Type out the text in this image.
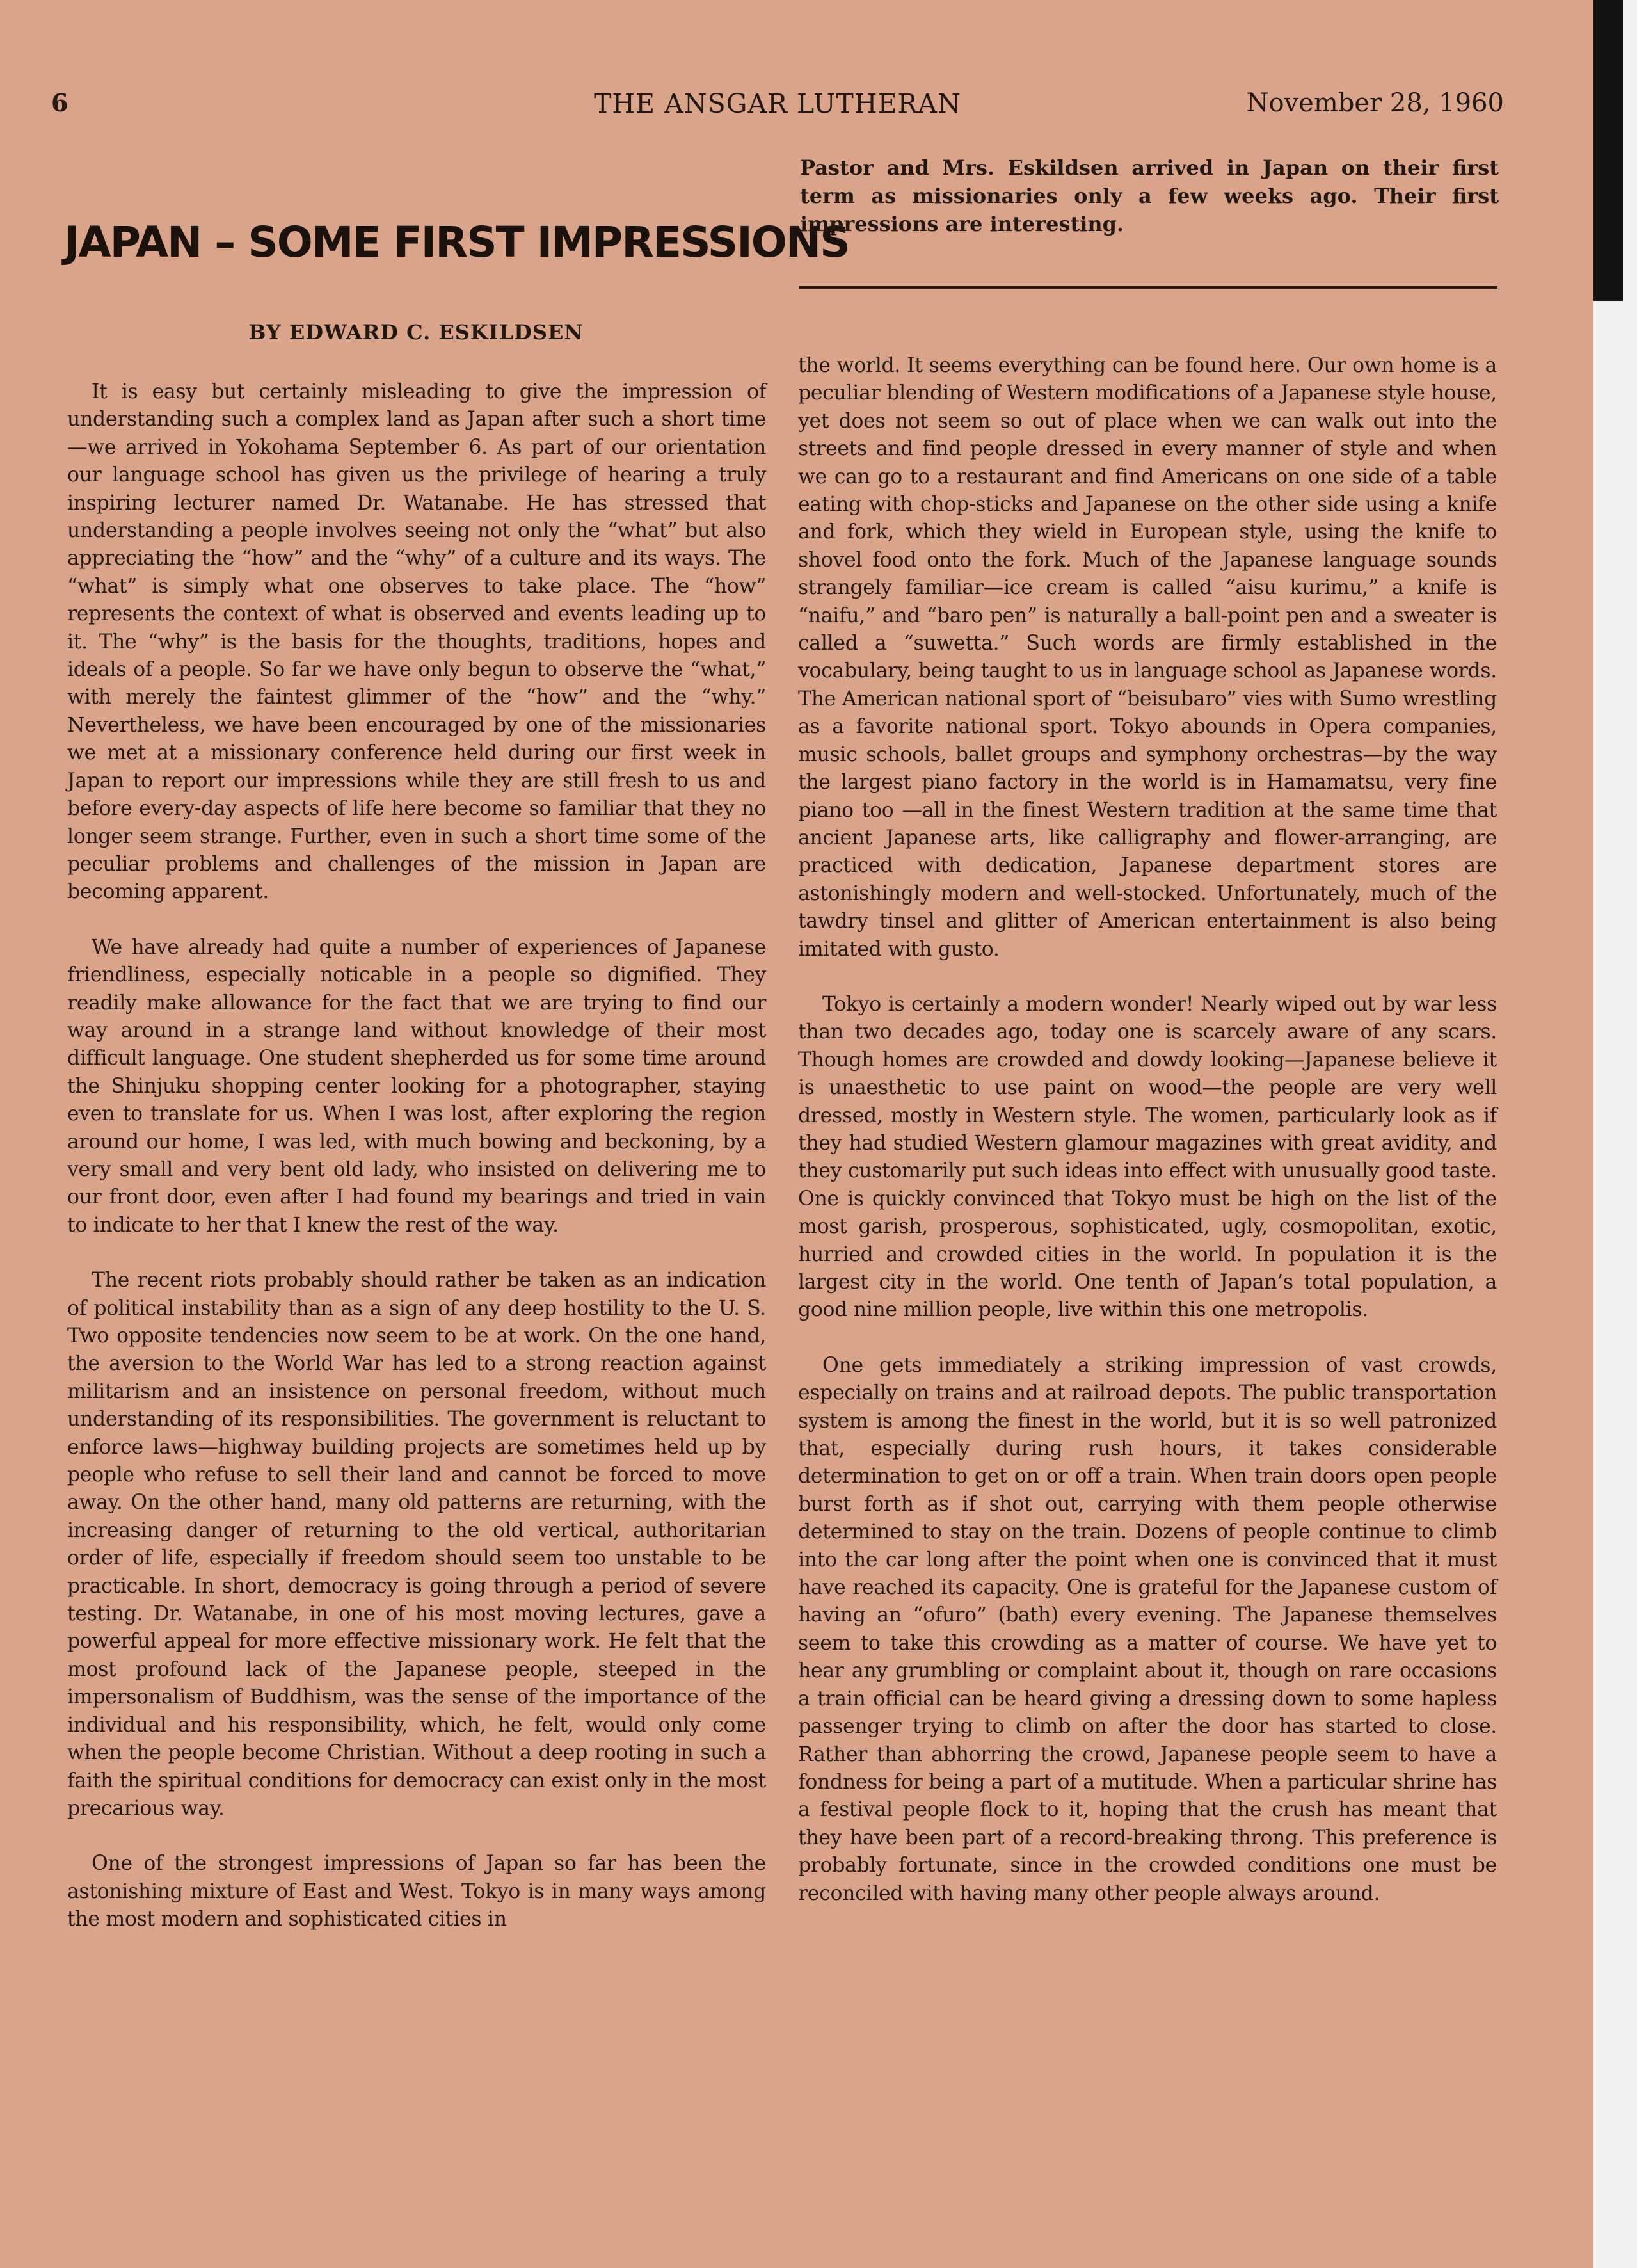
6	THE ANSGAR LUTHERAN	November 28, 1960
JAPAN – SOME FIRST IMPRESSIONS
Pastor and Mrs. Eskildsen arrived in Japan on their first term as missionaries only a few weeks ago. Their first impressions are interesting.
BY EDWARD C. ESKILDSEN

It is easy but certainly misleading to give the impression of understanding such a complex land as Japan after such a short time—we arrived in Yokohama September 6. As part of our orientation our language school has given us the privilege of hearing a truly inspiring lecturer named Dr. Watanabe. He has stressed that understanding a people involves seeing not only the “what” but also appreciating the “how” and the “why” of a culture and its ways. The “what” is simply what one observes to take place. The “how” represents the context of what is observed and events leading up to it. The “why” is the basis for the thoughts, traditions, hopes and ideals of a people. So far we have only begun to observe the “what,” with merely the faintest glimmer of the “how” and the “why.” Nevertheless, we have been encouraged by one of the missionaries we met at a missionary conference held during our first week in Japan to report our impressions while they are still fresh to us and before every-day aspects of life here become so familiar that they no longer seem strange. Further, even in such a short time some of the peculiar problems and challenges of the mission in Japan are becoming apparent.

We have already had quite a number of experiences of Japanese friendliness, especially noticable in a people so dignified. They readily make allowance for the fact that we are trying to find our way around in a strange land without knowledge of their most difficult language. One student shepherded us for some time around the Shinjuku shopping center looking for a photographer, staying even to translate for us. When I was lost, after exploring the region around our home, I was led, with much bowing and beckoning, by a very small and very bent old lady, who insisted on delivering me to our front door, even after I had found my bearings and tried in vain to indicate to her that I knew the rest of the way.

The recent riots probably should rather be taken as an indication of political instability than as a sign of any deep hostility to the U. S. Two opposite tendencies now seem to be at work. On the one hand, the aversion to the World War has led to a strong reaction against militarism and an insistence on personal freedom, without much understanding of its responsibilities. The government is reluctant to enforce laws—highway building projects are sometimes held up by people who refuse to sell their land and cannot be forced to move away. On the other hand, many old patterns are returning, with the increasing danger of returning to the old vertical, authoritarian order of life, especially if freedom should seem too unstable to be practicable. In short, democracy is going through a period of severe testing. Dr. Watanabe, in one of his most moving lectures, gave a powerful appeal for more effective missionary work. He felt that the most profound lack of the Japanese people, steeped in the impersonalism of Buddhism, was the sense of the importance of the individual and his responsibility, which, he felt, would only come when the people become Christian. Without a deep rooting in such a faith the spiritual conditions for democracy can exist only in the most precarious way.

One of the strongest impressions of Japan so far has been the astonishing mixture of East and West. Tokyo is in many ways among the most modern and sophisticated cities in

the world. It seems everything can be found here. Our own home is a peculiar blending of Western modifications of a Japanese style house, yet does not seem so out of place when we can walk out into the streets and find people dressed in every manner of style and when we can go to a restaurant and find Americans on one side of a table eating with chop-sticks and Japanese on the other side using a knife and fork, which they wield in European style, using the knife to shovel food onto the fork. Much of the Japanese language sounds strangely familiar—ice cream is called “aisu kurimu,” a knife is “naifu,” and “baro pen” is naturally a ball-point pen and a sweater is called a “suwetta.” Such words are firmly established in the vocabulary, being taught to us in language school as Japanese words. The American national sport of “beisubaro” vies with Sumo wrestling as a favorite national sport. Tokyo abounds in Opera companies, music schools, ballet groups and symphony orchestras—by the way the largest piano factory in the world is in Hamamatsu, very fine piano too —all in the finest Western tradition at the same time that ancient Japanese arts, like calligraphy and flower-arranging, are practiced with dedication, Japanese department stores are astonishingly modern and well-stocked. Unfortunately, much of the tawdry tinsel and glitter of American entertainment is also being imitated with gusto.

Tokyo is certainly a modern wonder! Nearly wiped out by war less than two decades ago, today one is scarcely aware of any scars. Though homes are crowded and dowdy looking—Japanese believe it is unaesthetic to use paint on wood—the people are very well dressed, mostly in Western style. The women, particularly look as if they had studied Western glamour magazines with great avidity, and they customarily put such ideas into effect with unusually good taste. One is quickly convinced that Tokyo must be high on the list of the most garish, prosperous, sophisticated, ugly, cosmopolitan, exotic, hurried and crowded cities in the world. In population it is the largest city in the world. One tenth of Japan’s total population, a good nine million people, live within this one metropolis.

One gets immediately a striking impression of vast crowds, especially on trains and at railroad depots. The public transportation system is among the finest in the world, but it is so well patronized that, especially during rush hours, it takes considerable determination to get on or off a train. When train doors open people burst forth as if shot out, carrying with them people otherwise determined to stay on the train. Dozens of people continue to climb into the car long after the point when one is convinced that it must have reached its capacity. One is grateful for the Japanese custom of having an “ofuro” (bath) every evening. The Japanese themselves seem to take this crowding as a matter of course. We have yet to hear any grumbling or complaint about it, though on rare occasions a train official can be heard giving a dressing down to some hapless passenger trying to climb on after the door has started to close. Rather than abhorring the crowd, Japanese people seem to have a fondness for being a part of a mutitude. When a particular shrine has a festival people flock to it, hoping that the crush has meant that they have been part of a record-breaking throng. This preference is probably fortunate, since in the crowded conditions one must be reconciled with having many other people always around.
